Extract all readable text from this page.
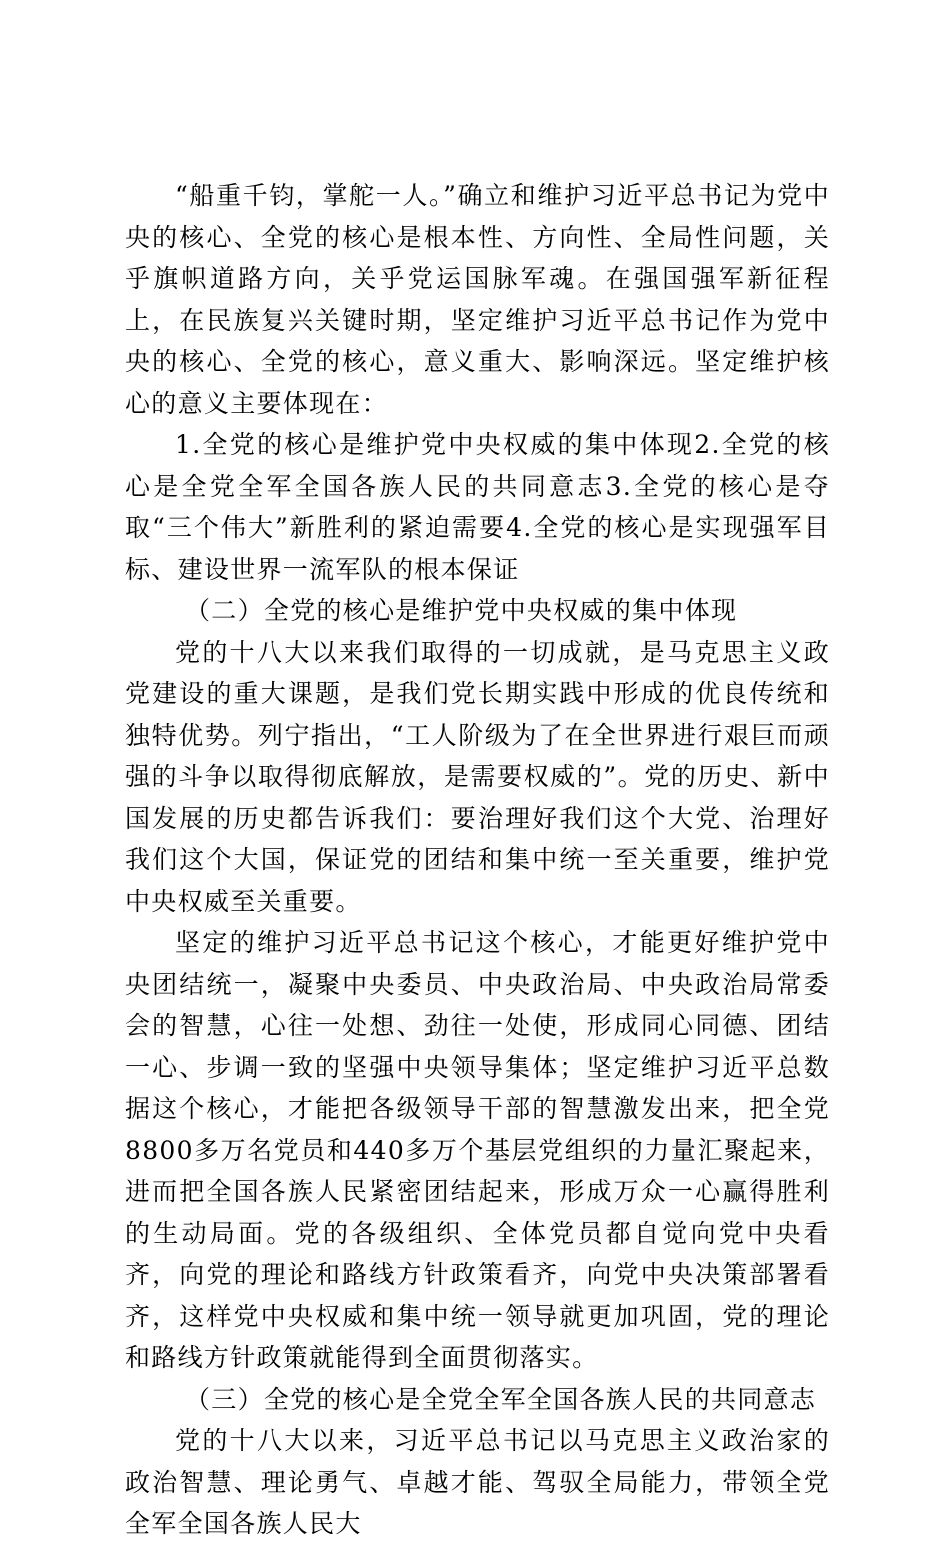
“船重千钧，掌舵一人。”确立和维护习近平总书记为党中央的核心、全党的核心是根本性、方向性、全局性问题，关乎旗帜道路方向，关乎党运国脉军魂。在强国强军新征程上，在民族复兴关键时期，坚定维护习近平总书记作为党中央的核心、全党的核心，意义重大、影响深远。坚定维护核心的意义主要体现在：

1.全党的核心是维护党中央权威的集中体现2.全党的核心是全党全军全国各族人民的共同意志3.全党的核心是夺取“三个伟大”新胜利的紧迫需要4.全党的核心是实现强军目标、建设世界一流军队的根本保证

（二）全党的核心是维护党中央权威的集中体现

党的十八大以来我们取得的一切成就，是马克思主义政党建设的重大课题，是我们党长期实践中形成的优良传统和独特优势。列宁指出，“工人阶级为了在全世界进行艰巨而顽强的斗争以取得彻底解放，是需要权威的”。党的历史、新中国发展的历史都告诉我们：要治理好我们这个大党、治理好我们这个大国，保证党的团结和集中统一至关重要，维护党中央权威至关重要。

坚定的维护习近平总书记这个核心，才能更好维护党中央团结统一，凝聚中央委员、中央政治局、中央政治局常委会的智慧，心往一处想、劲往一处使，形成同心同德、团结一心、步调一致的坚强中央领导集体；坚定维护习近平总数据这个核心，才能把各级领导干部的智慧激发出来，把全党8800多万名党员和440多万个基层党组织的力量汇聚起来，进而把全国各族人民紧密团结起来，形成万众一心赢得胜利的生动局面。党的各级组织、全体党员都自觉向党中央看齐，向党的理论和路线方针政策看齐，向党中央决策部署看齐，这样党中央权威和集中统一领导就更加巩固，党的理论和路线方针政策就能得到全面贯彻落实。

（三）全党的核心是全党全军全国各族人民的共同意志

党的十八大以来，习近平总书记以马克思主义政治家的政治智慧、理论勇气、卓越才能、驾驭全局能力，带领全党全军全国各族人民大
